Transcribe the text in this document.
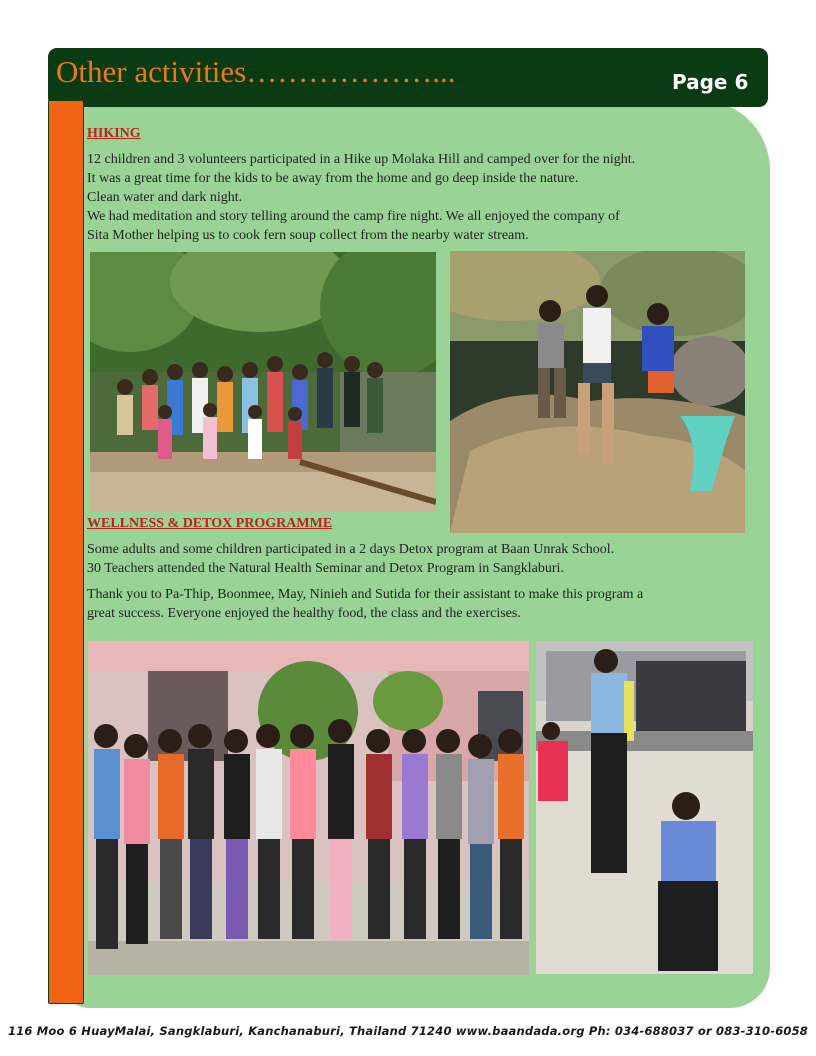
Other activities………………...	Page 6
HIKING
12 children and 3 volunteers participated in a Hike up Molaka Hill and camped over for the night.
It was a great time for the kids to be away from the home and go deep inside the nature.
Clean water and dark night.
We had meditation and story telling around the camp fire night. We all enjoyed the company of
Sita Mother helping us to cook fern soup collect from the nearby water stream.
WELLNESS & DETOX PROGRAMME
Some adults and some children participated in a 2 days Detox program at Baan Unrak School.
30 Teachers attended the Natural Health Seminar and Detox Program in Sangklaburi.
Thank you to Pa-Thip, Boonmee, May, Ninieh and Sutida for their assistant to make this program a
great success. Everyone enjoyed the healthy food, the class and the exercises.
116 Moo 6 HuayMalai, Sangklaburi, Kanchanaburi, Thailand 71240 www.baandada.org Ph: 034-688037 or 083-310-6058
